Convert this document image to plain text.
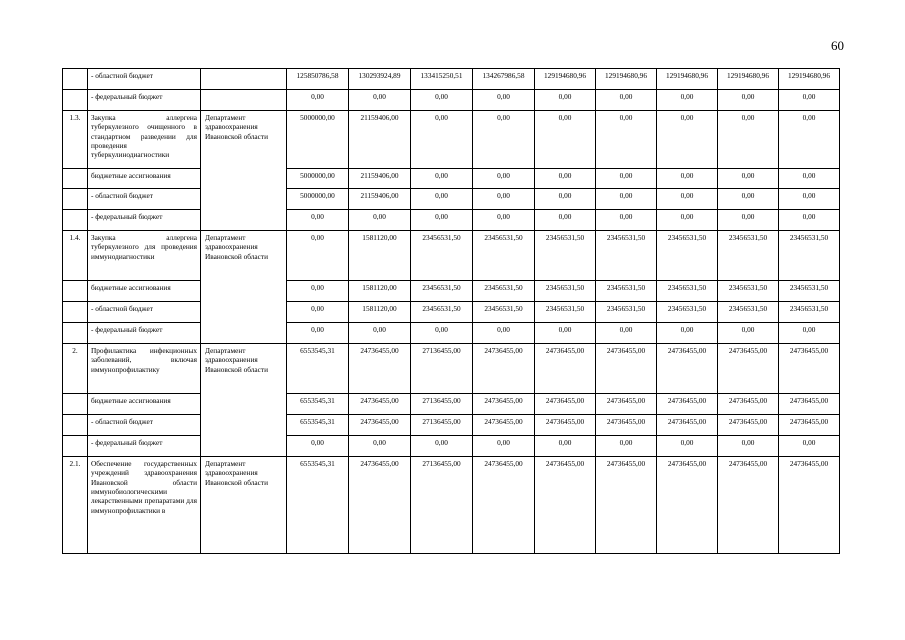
60
	- областной бюджет		125850786,58	130293924,89	133415250,51	134267986,58	129194680,96	129194680,96	129194680,96	129194680,96	129194680,96
	- федеральный бюджет		0,00	0,00	0,00	0,00	0,00	0,00	0,00	0,00	0,00
1.3.	Закупка аллергена туберкулезного очищенного в стандартном разведении для проведения туберкулинодиагностики	Департамент здравоохранения Ивановской области	5000000,00	21159406,00	0,00	0,00	0,00	0,00	0,00	0,00	0,00
	бюджетные ассигнования		5000000,00	21159406,00	0,00	0,00	0,00	0,00	0,00	0,00	0,00
	- областной бюджет		5000000,00	21159406,00	0,00	0,00	0,00	0,00	0,00	0,00	0,00
	- федеральный бюджет		0,00	0,00	0,00	0,00	0,00	0,00	0,00	0,00	0,00
1.4.	Закупка аллергена туберкулезного для проведения иммунодиагностики	Департамент здравоохранения Ивановской области	0,00	1581120,00	23456531,50	23456531,50	23456531,50	23456531,50	23456531,50	23456531,50	23456531,50
	бюджетные ассигнования		0,00	1581120,00	23456531,50	23456531,50	23456531,50	23456531,50	23456531,50	23456531,50	23456531,50
	- областной бюджет		0,00	1581120,00	23456531,50	23456531,50	23456531,50	23456531,50	23456531,50	23456531,50	23456531,50
	- федеральный бюджет		0,00	0,00	0,00	0,00	0,00	0,00	0,00	0,00	0,00
2.	Профилактика инфекционных заболеваний, включая иммунопрофилактику	Департамент здравоохранения Ивановской области	6553545,31	24736455,00	27136455,00	24736455,00	24736455,00	24736455,00	24736455,00	24736455,00	24736455,00
	бюджетные ассигнования		6553545,31	24736455,00	27136455,00	24736455,00	24736455,00	24736455,00	24736455,00	24736455,00	24736455,00
	- областной бюджет		6553545,31	24736455,00	27136455,00	24736455,00	24736455,00	24736455,00	24736455,00	24736455,00	24736455,00
	- федеральный бюджет		0,00	0,00	0,00	0,00	0,00	0,00	0,00	0,00	0,00
2.1.	Обеспечение государственных учреждений здравоохранения Ивановской области иммунобиологическими лекарственными препаратами для иммунопрофилактики в	Департамент здравоохранения Ивановской области	6553545,31	24736455,00	27136455,00	24736455,00	24736455,00	24736455,00	24736455,00	24736455,00	24736455,00
